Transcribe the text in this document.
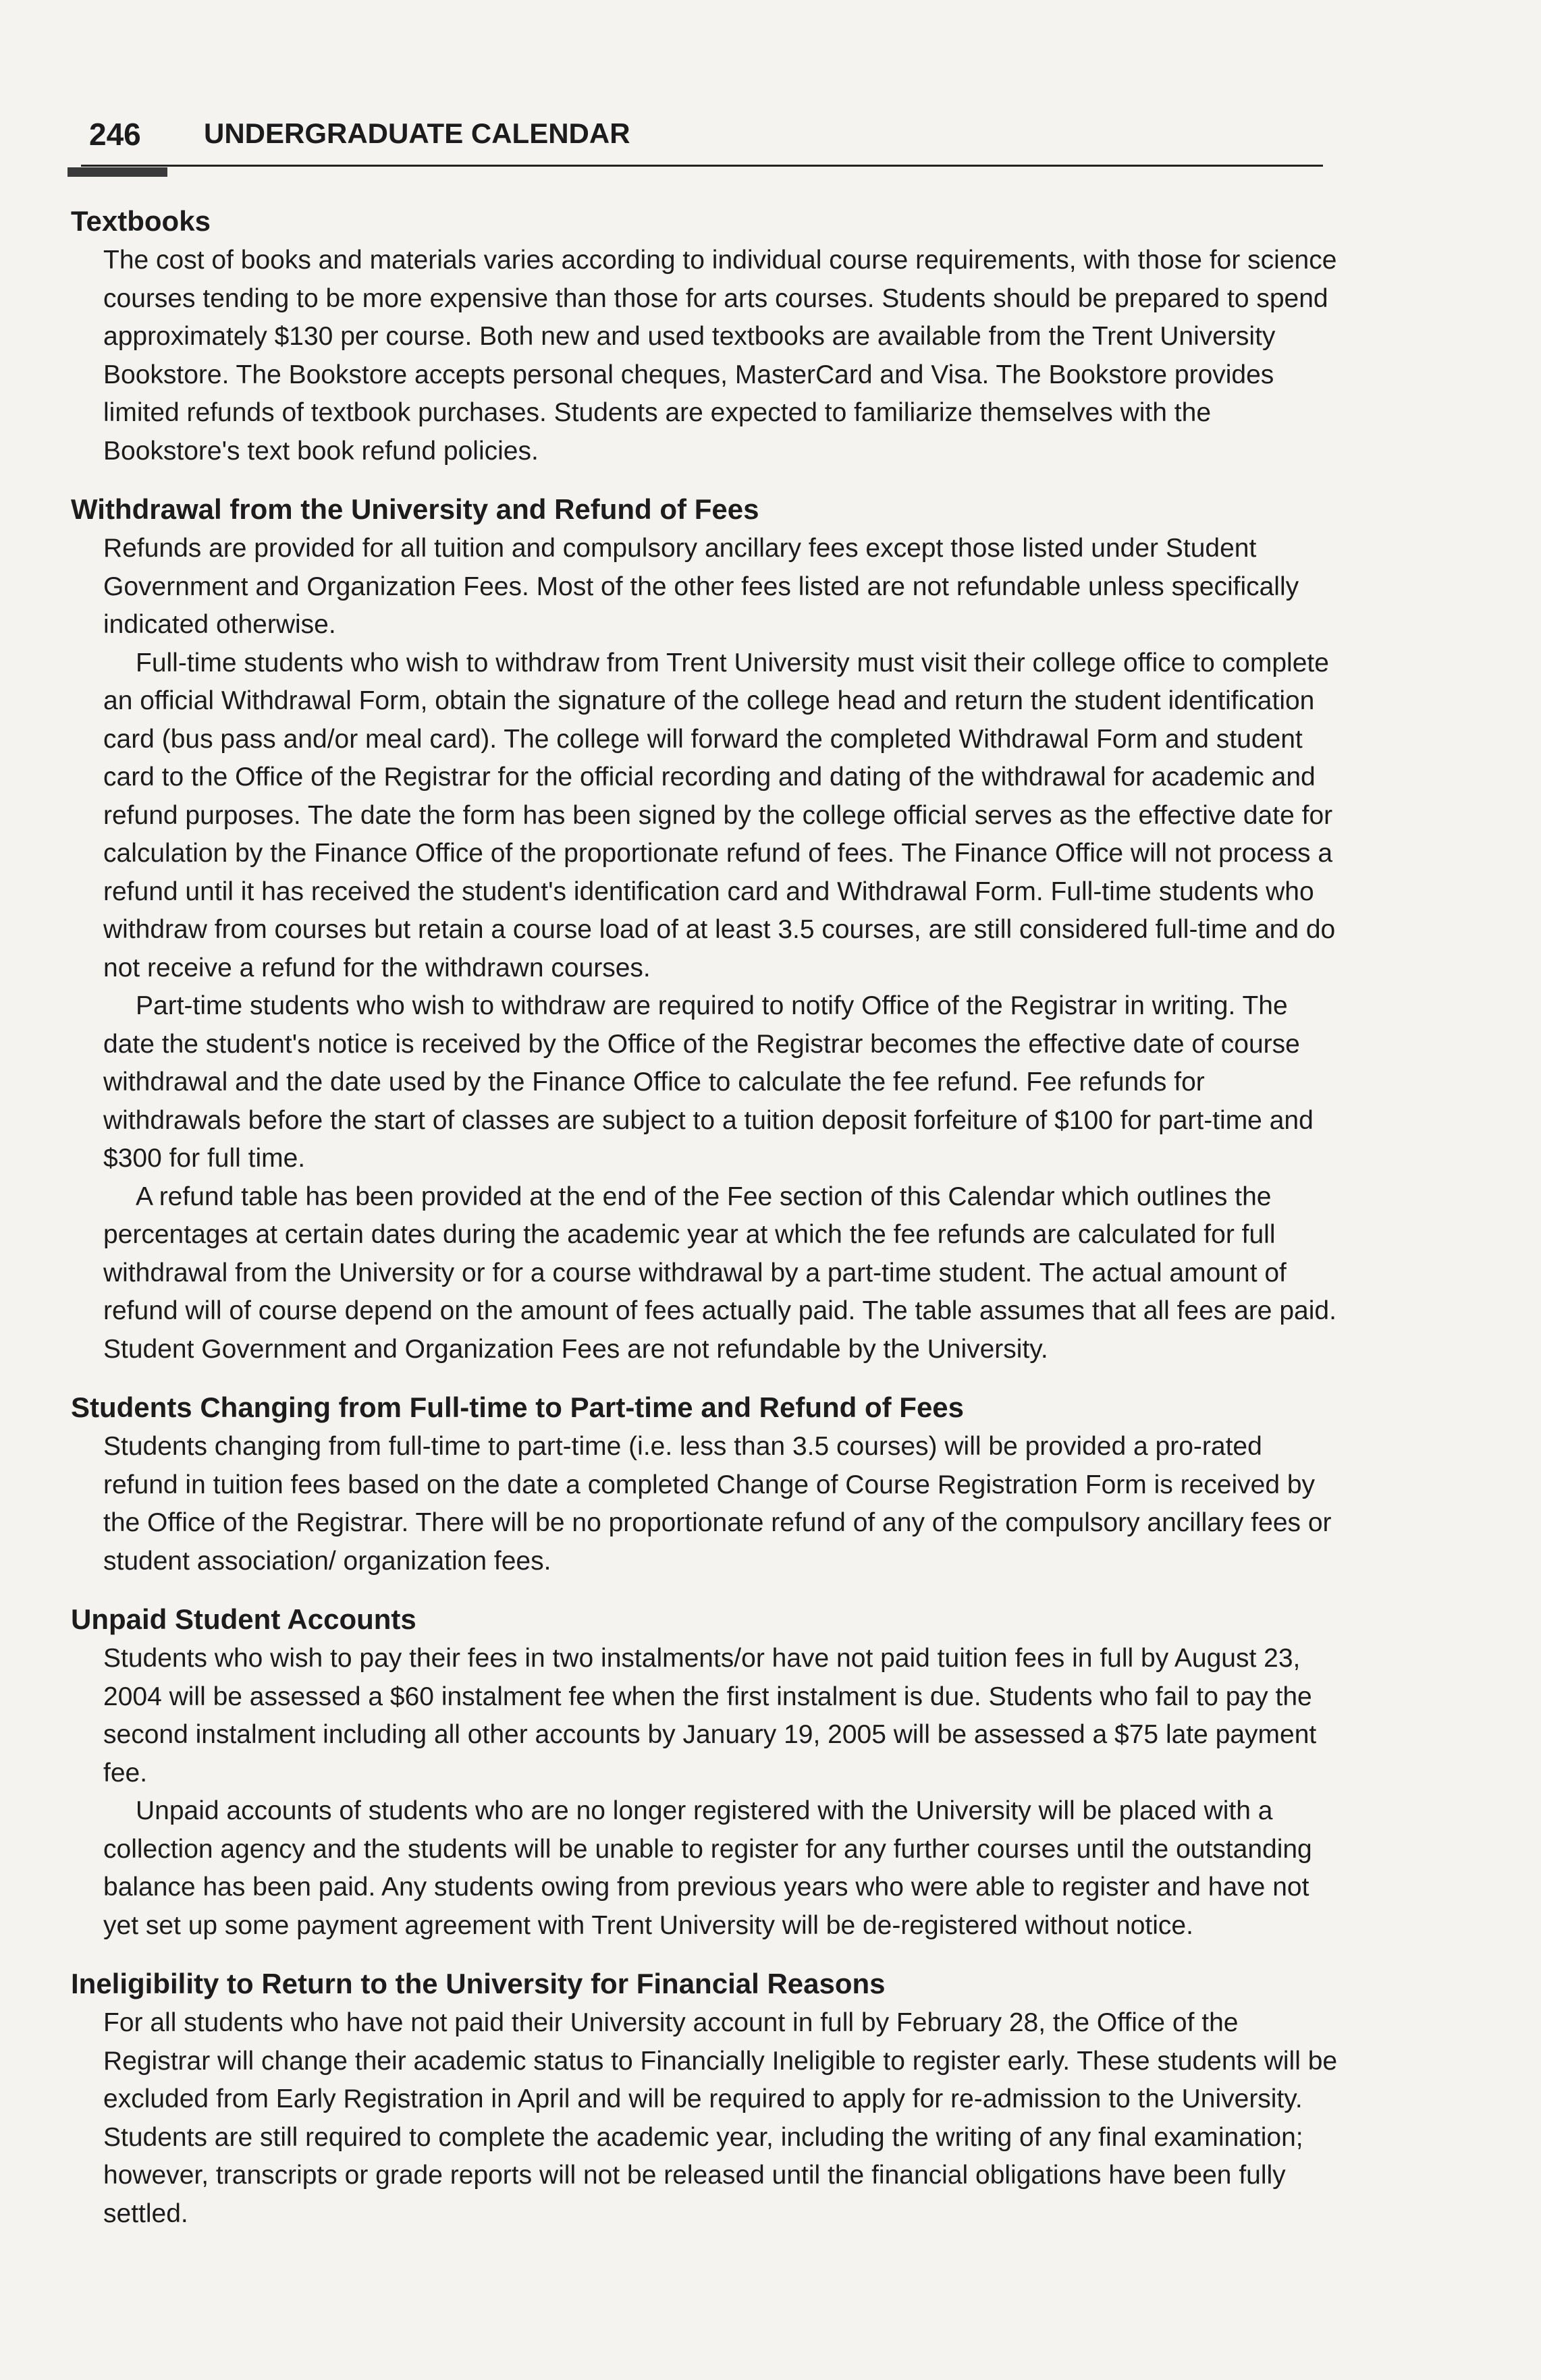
246 UNDERGRADUATE CALENDAR
Textbooks

The cost of books and materials varies according to individual course requirements, with those for science courses tending to be more expensive than those for arts courses. Students should be prepared to spend approximately $130 per course. Both new and used textbooks are available from the Trent University Bookstore. The Bookstore accepts personal cheques, MasterCard and Visa. The Bookstore provides limited refunds of textbook purchases. Students are expected to familiarize themselves with the Bookstore's text book refund policies.

Withdrawal from the University and Refund of Fees

Refunds are provided for all tuition and compulsory ancillary fees except those listed under Student Government and Organization Fees. Most of the other fees listed are not refundable unless specifically indicated otherwise.

Full-time students who wish to withdraw from Trent University must visit their college office to complete an official Withdrawal Form, obtain the signature of the college head and return the student identification card (bus pass and/or meal card). The college will forward the completed Withdrawal Form and student card to the Office of the Registrar for the official recording and dating of the withdrawal for academic and refund purposes. The date the form has been signed by the college official serves as the effective date for calculation by the Finance Office of the proportionate refund of fees. The Finance Office will not process a refund until it has received the student's identification card and Withdrawal Form. Full-time students who withdraw from courses but retain a course load of at least 3.5 courses, are still considered full-time and do not receive a refund for the withdrawn courses.

Part-time students who wish to withdraw are required to notify Office of the Registrar in writing. The date the student's notice is received by the Office of the Registrar becomes the effective date of course withdrawal and the date used by the Finance Office to calculate the fee refund. Fee refunds for withdrawals before the start of classes are subject to a tuition deposit forfeiture of $100 for part-time and $300 for full time.

A refund table has been provided at the end of the Fee section of this Calendar which outlines the percentages at certain dates during the academic year at which the fee refunds are calculated for full withdrawal from the University or for a course withdrawal by a part-time student. The actual amount of refund will of course depend on the amount of fees actually paid. The table assumes that all fees are paid. Student Government and Organization Fees are not refundable by the University.

Students Changing from Full-time to Part-time and Refund of Fees

Students changing from full-time to part-time (i.e. less than 3.5 courses) will be provided a pro-rated refund in tuition fees based on the date a completed Change of Course Registration Form is received by the Office of the Registrar. There will be no proportionate refund of any of the compulsory ancillary fees or student association/ organization fees.

Unpaid Student Accounts

Students who wish to pay their fees in two instalments/or have not paid tuition fees in full by August 23, 2004 will be assessed a $60 instalment fee when the first instalment is due. Students who fail to pay the second instalment including all other accounts by January 19, 2005 will be assessed a $75 late payment fee.

Unpaid accounts of students who are no longer registered with the University will be placed with a collection agency and the students will be unable to register for any further courses until the outstanding balance has been paid. Any students owing from previous years who were able to register and have not yet set up some payment agreement with Trent University will be de-registered without notice.

Ineligibility to Return to the University for Financial Reasons

For all students who have not paid their University account in full by February 28, the Office of the Registrar will change their academic status to Financially Ineligible to register early. These students will be excluded from Early Registration in April and will be required to apply for re-admission to the University. Students are still required to complete the academic year, including the writing of any final examination; however, transcripts or grade reports will not be released until the financial obligations have been fully settled.
